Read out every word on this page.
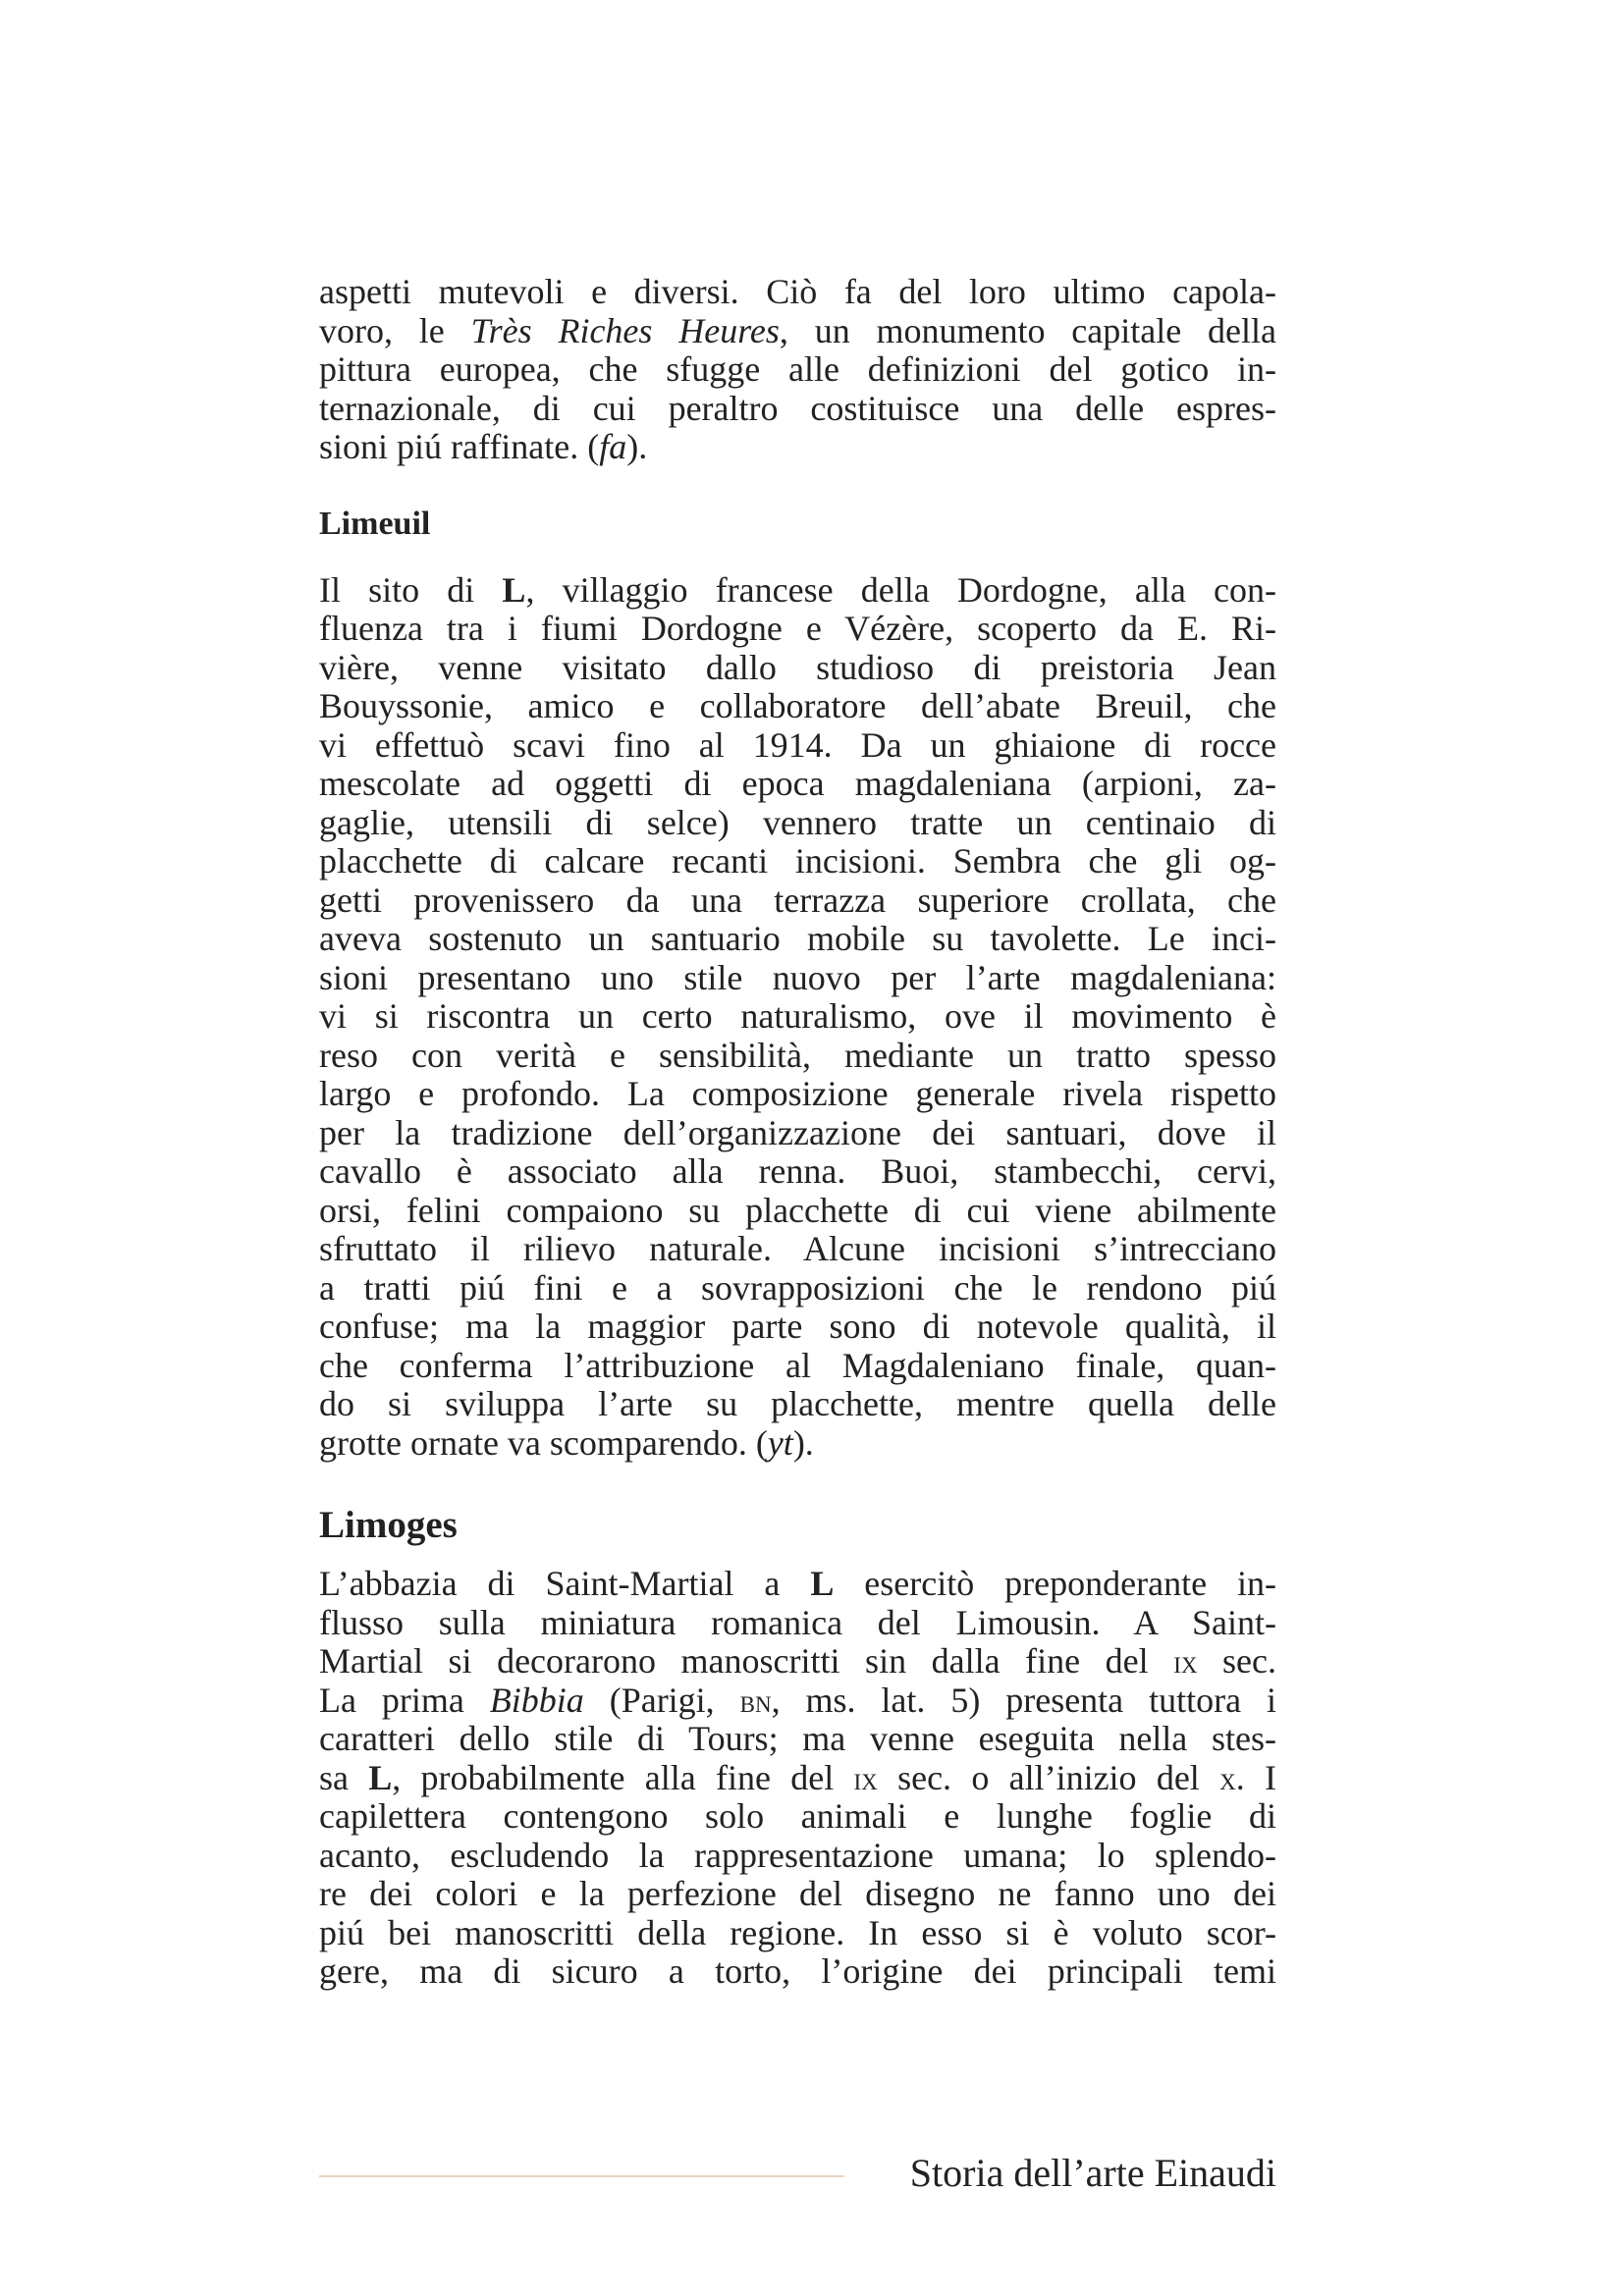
aspetti mutevoli e diversi. Ciò fa del loro ultimo capola-
voro, le Très Riches Heures, un monumento capitale della
pittura europea, che sfugge alle definizioni del gotico in-
ternazionale, di cui peraltro costituisce una delle espres-
sioni piú raffinate. (fa).
Limeuil
Il sito di L, villaggio francese della Dordogne, alla con-
fluenza tra i fiumi Dordogne e Vézère, scoperto da E. Ri-
vière, venne visitato dallo studioso di preistoria Jean
Bouyssonie, amico e collaboratore dell’abate Breuil, che
vi effettuò scavi fino al 1914. Da un ghiaione di rocce
mescolate ad oggetti di epoca magdaleniana (arpioni, za-
gaglie, utensili di selce) vennero tratte un centinaio di
placchette di calcare recanti incisioni. Sembra che gli og-
getti provenissero da una terrazza superiore crollata, che
aveva sostenuto un santuario mobile su tavolette. Le inci-
sioni presentano uno stile nuovo per l’arte magdaleniana:
vi si riscontra un certo naturalismo, ove il movimento è
reso con verità e sensibilità, mediante un tratto spesso
largo e profondo. La composizione generale rivela rispetto
per la tradizione dell’organizzazione dei santuari, dove il
cavallo è associato alla renna. Buoi, stambecchi, cervi,
orsi, felini compaiono su placchette di cui viene abilmente
sfruttato il rilievo naturale. Alcune incisioni s’intrecciano
a tratti piú fini e a sovrapposizioni che le rendono piú
confuse; ma la maggior parte sono di notevole qualità, il
che conferma l’attribuzione al Magdaleniano finale, quan-
do si sviluppa l’arte su placchette, mentre quella delle
grotte ornate va scomparendo. (yt).
Limoges
L’abbazia di Saint-Martial a L esercitò preponderante in-
flusso sulla miniatura romanica del Limousin. A Saint-
Martial si decorarono manoscritti sin dalla fine del ix sec.
La prima Bibbia (Parigi, bn, ms. lat. 5) presenta tuttora i
caratteri dello stile di Tours; ma venne eseguita nella stes-
sa L, probabilmente alla fine del ix sec. o all’inizio del x. I
capilettera contengono solo animali e lunghe foglie di
acanto, escludendo la rappresentazione umana; lo splendo-
re dei colori e la perfezione del disegno ne fanno uno dei
piú bei manoscritti della regione. In esso si è voluto scor-
gere, ma di sicuro a torto, l’origine dei principali temi
Storia dell’arte Einaudi
